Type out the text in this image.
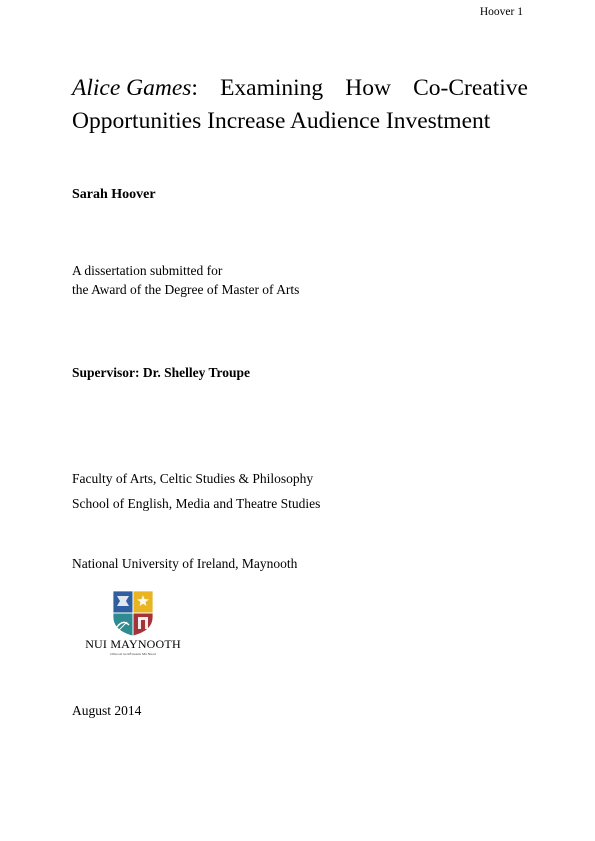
Hoover 1
Alice Games: Examining How Co-Creative
Opportunities Increase Audience Investment
Sarah Hoover
A dissertation submitted for
the Award of the Degree of Master of Arts
Supervisor: Dr. Shelley Troupe
Faculty of Arts, Celtic Studies & Philosophy
School of English, Media and Theatre Studies
National University of Ireland, Maynooth
NUI MAYNOOTH
Ollscoil na hÉireann Má Nuad
August 2014
